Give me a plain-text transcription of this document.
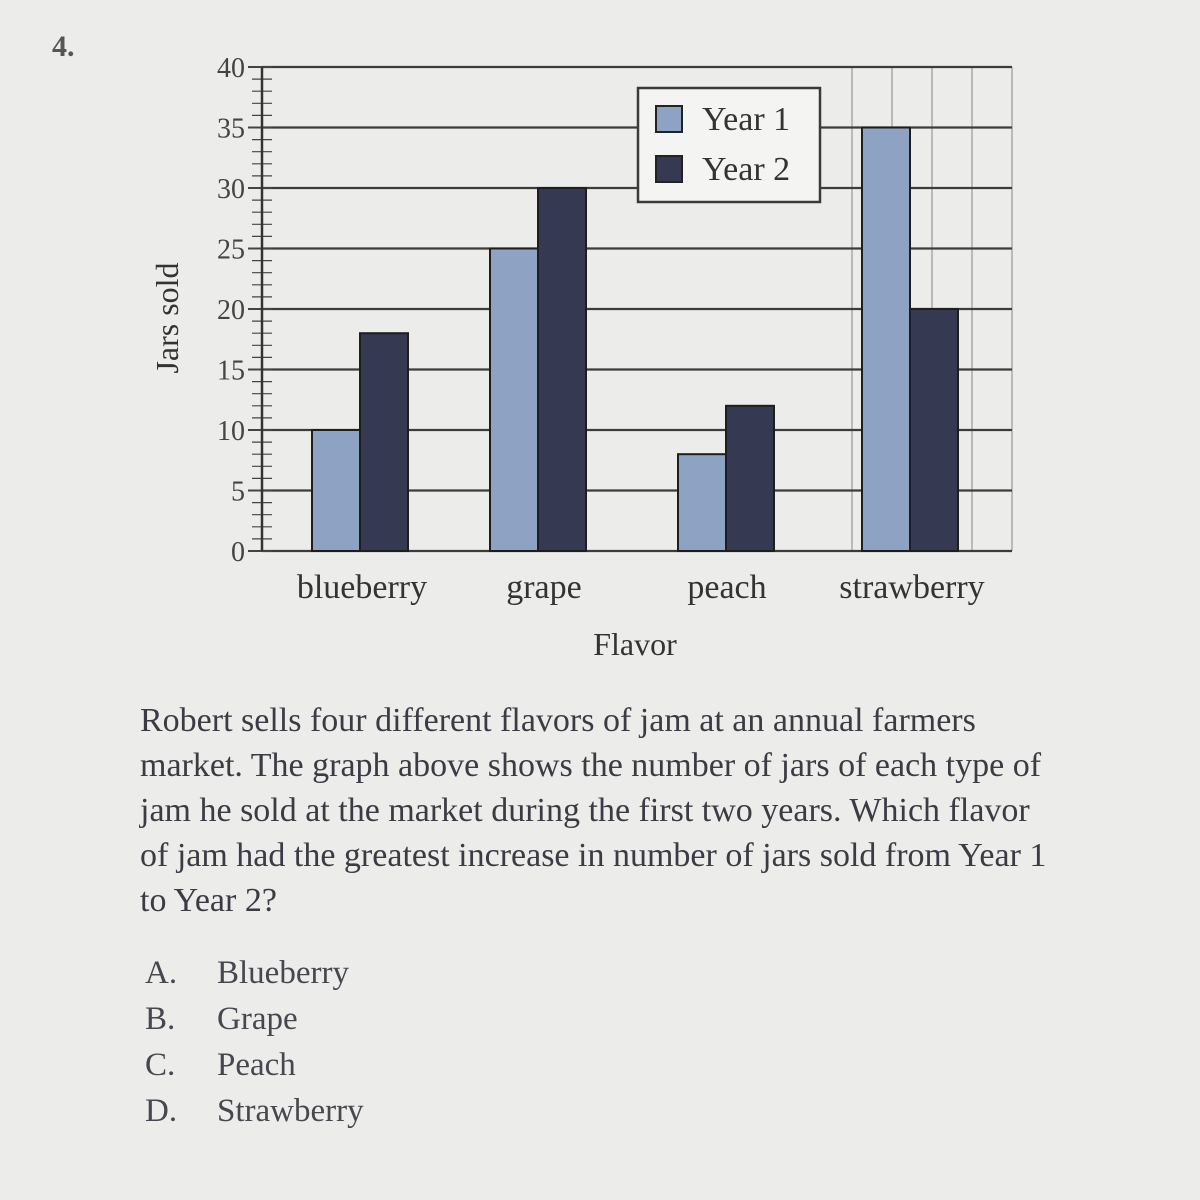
4.
0
5
10
15
20
25
30
35
40
blueberry grape	peach strawberry
Jars sold
Flavor
Year 1
Year 2

Robert sells four different flavors of jam at an annual farmers market. The graph above shows the number of jars of each type of jam he sold at the market during the first two years. Which flavor of jam had the greatest increase in number of jars sold from Year 1 to Year 2?

A.	Blueberry
B.	Grape
C.	Peach
D.	Strawberry
